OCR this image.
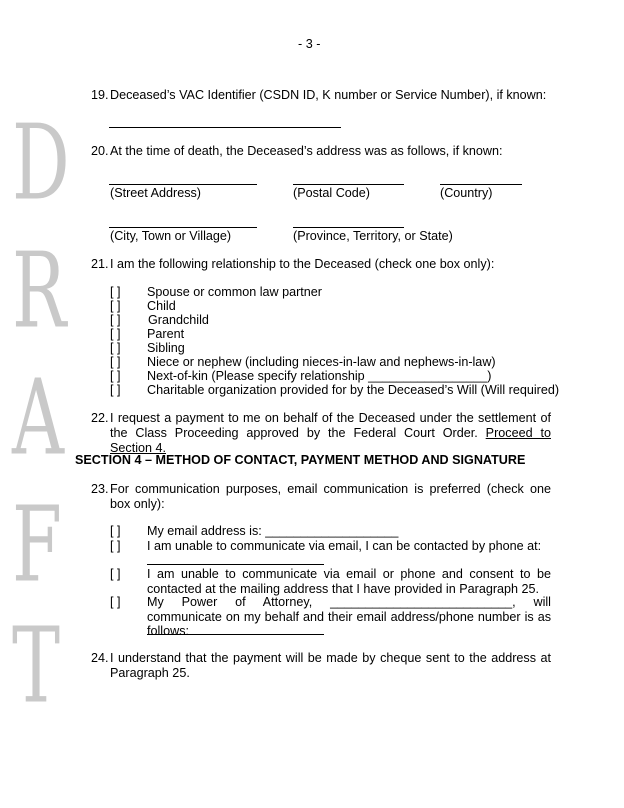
D
R
A
F
T
- 3 -
19. Deceased’s VAC Identifier (CSDN ID, K number or Service Number), if known:
20. At the time of death, the Deceased’s address was as follows, if known:
(Street Address)	(Postal Code)	(Country)
(City, Town or Village)	(Province, Territory, or State)
21. I am the following relationship to the Deceased (check one box only):
[ ] Spouse or common law partner
[ ] Child
[ ] Grandchild
[ ] Parent
[ ] Sibling
[ ] Niece or nephew (including nieces-in-law and nephews-in-law)
[ ] Next-of-kin (Please specify relationship _________________)
[ ] Charitable organization provided for by the Deceased’s Will (Will required)
22. I request a payment to me on behalf of the Deceased under the settlement of the Class Proceeding approved by the Federal Court Order. Proceed to Section 4.
SECTION 4 – METHOD OF CONTACT, PAYMENT METHOD AND SIGNATURE
23. For communication purposes, email communication is preferred (check one box only):
[ ] My email address is: ___________________
[ ] I am unable to communicate via email, I can be contacted by phone at:
[ ] I am unable to communicate via email or phone and consent to be contacted at the mailing address that I have provided in Paragraph 25.
[ ] My Power of Attorney, __________________________, will communicate on my behalf and their email address/phone number is as follows:
24. I understand that the payment will be made by cheque sent to the address at Paragraph 25.
